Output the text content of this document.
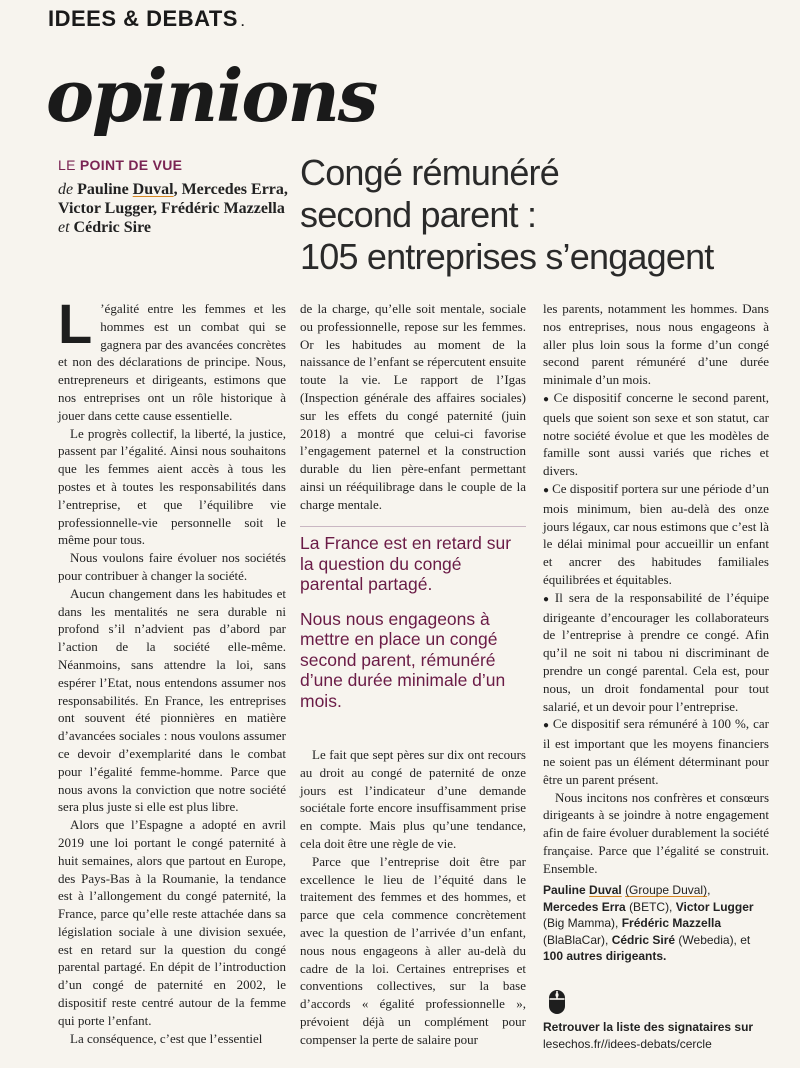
IDEES & DEBATS .
opinions
LE POINT DE VUE
de Pauline Duval, Mercedes Erra, Victor Lugger, Frédéric Mazzella
et Cédric Sire
Congé rémunéré
second parent :
105 entreprises s’engagent

L ’égalité entre les femmes et les hommes est un combat qui se gagnera par des avancées concrètes et non des déclarations de principe. Nous, entrepreneurs et dirigeants, estimons que nos entreprises ont un rôle historique à jouer dans cette cause essentielle.

Le progrès collectif, la liberté, la justice, passent par l’égalité. Ainsi nous souhaitons que les femmes aient accès à tous les postes et à toutes les responsabilités dans l’entreprise, et que l’équilibre vie professionnelle-vie personnelle soit le même pour tous.

Nous voulons faire évoluer nos sociétés pour contribuer à changer la société.

Aucun changement dans les habitudes et dans les mentalités ne sera durable ni profond s’il n’advient pas d’abord par l’action de la société elle-même. Néanmoins, sans attendre la loi, sans espérer l’Etat, nous entendons assumer nos responsabilités. En France, les entreprises ont souvent été pionnières en matière d’avancées sociales : nous voulons assumer ce devoir d’exemplarité dans le combat pour l’égalité femme-homme. Parce que nous avons la conviction que notre société sera plus juste si elle est plus libre.

Alors que l’Espagne a adopté en avril 2019 une loi portant le congé paternité à huit semaines, alors que partout en Europe, des Pays-Bas à la Roumanie, la tendance est à l’allongement du congé paternité, la France, parce qu’elle reste attachée dans sa législation sociale à une division sexuée, est en retard sur la question du congé parental partagé. En dépit de l’introduction d’un congé de paternité en 2002, le dispositif reste centré autour de la femme qui porte l’enfant.

La conséquence, c’est que l’essentiel

de la charge, qu’elle soit mentale, sociale ou professionnelle, repose sur les femmes. Or les habitudes au moment de la naissance de l’enfant se répercutent ensuite toute la vie. Le rapport de l’Igas (Inspection générale des affaires sociales) sur les effets du congé paternité (juin 2018) a montré que celui-ci favorise l’engagement paternel et la construction durable du lien père-enfant permettant ainsi un rééquilibrage dans le couple de la charge mentale.

La France est en retard sur la question du congé parental partagé.

Nous nous engageons à mettre en place un congé second parent, rémunéré d’une durée minimale d’un mois.

Le fait que sept pères sur dix ont recours au droit au congé de paternité de onze jours est l’indicateur d’une demande sociétale forte encore insuffisamment prise en compte. Mais plus qu’une tendance, cela doit être une règle de vie.

Parce que l’entreprise doit être par excellence le lieu de l’équité dans le traitement des femmes et des hommes, et parce que cela commence concrètement avec la question de l’arrivée d’un enfant, nous nous engageons à aller au-delà du cadre de la loi. Certaines entreprises et conventions collectives, sur la base d’accords « égalité professionnelle », prévoient déjà un complément pour compenser la perte de salaire pour

les parents, notamment les hommes. Dans nos entreprises, nous nous engageons à aller plus loin sous la forme d’un congé second parent rémunéré d’une durée minimale d’un mois.

● Ce dispositif concerne le second parent, quels que soient son sexe et son statut, car notre société évolue et que les modèles de famille sont aussi variés que riches et divers.

● Ce dispositif portera sur une période d’un mois minimum, bien au-delà des onze jours légaux, car nous estimons que c’est là le délai minimal pour accueillir un enfant et ancrer des habitudes familiales équilibrées et équitables.

● Il sera de la responsabilité de l’équipe dirigeante d’encourager les collaborateurs de l’entreprise à prendre ce congé. Afin qu’il ne soit ni tabou ni discriminant de prendre un congé parental. Cela est, pour nous, un droit fondamental pour tout salarié, et un devoir pour l’entreprise.

● Ce dispositif sera rémunéré à 100 %, car il est important que les moyens financiers ne soient pas un élément déterminant pour être un parent présent.

Nous incitons nos confrères et consœurs dirigeants à se joindre à notre engagement afin de faire évoluer durablement la société française. Parce que l’égalité se construit. Ensemble.

Pauline Duval (Groupe Duval), Mercedes Erra (BETC), Victor Lugger (Big Mamma), Frédéric Mazzella (BlaBlaCar), Cédric Siré (Webedia), et 100 autres dirigeants.
Retrouver la liste des signataires sur
lesechos.fr//idees-debats/cercle
